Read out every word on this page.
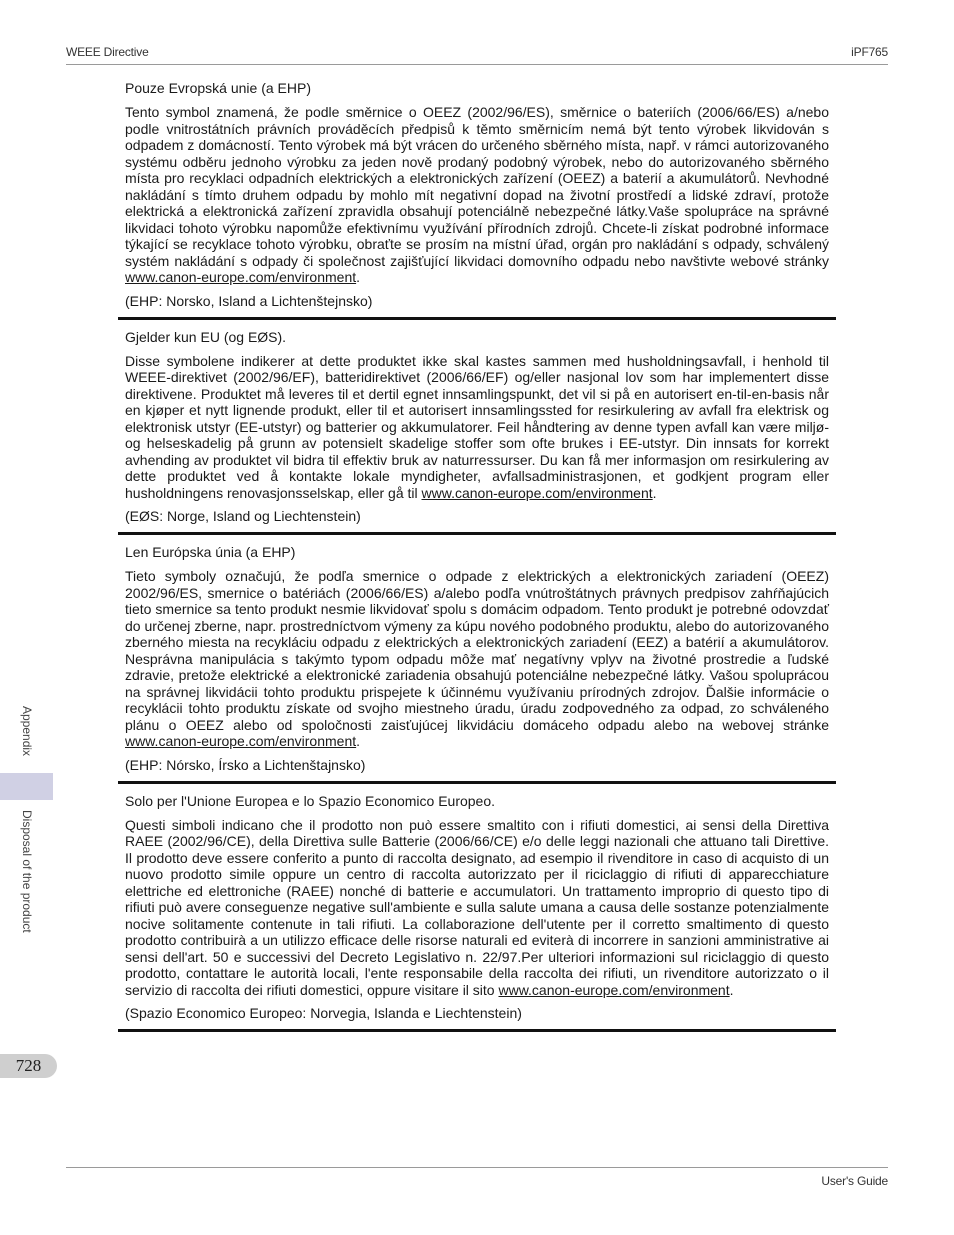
WEEE Directive	iPF765
Appendix
Disposal of the product
728

Pouze Evropská unie (a EHP)

Tento symbol znamená, že podle směrnice o OEEZ (2002/96/ES), směrnice o bateriích (2006/66/ES) a/nebo podle vnitrostátních právních prováděcích předpisů k těmto směrnicím nemá být tento výrobek likvidován s odpadem z domácností. Tento výrobek má být vrácen do určeného sběrného místa, např. v rámci autorizovaného systému odběru jednoho výrobku za jeden nově prodaný podobný výrobek, nebo do autorizovaného sběrného místa pro recyklaci odpadních elektrických a elektronických zařízení (OEEZ) a baterií a akumulátorů. Nevhodné nakládání s tímto druhem odpadu by mohlo mít negativní dopad na životní prostředí a lidské zdraví, protože elektrická a elektronická zařízení zpravidla obsahují potenciálně nebezpečné látky.Vaše spolupráce na správné likvidaci tohoto výrobku napomůže efektivnímu využívání přírodních zdrojů. Chcete-li získat podrobné informace týkající se recyklace tohoto výrobku, obraťte se prosím na místní úřad, orgán pro nakládání s odpady, schválený systém nakládání s odpady či společnost zajišťující likvidaci domovního odpadu nebo navštivte webové stránky www.canon-europe.com/environment.

(EHP: Norsko, Island a Lichtenštejnsko)

Gjelder kun EU (og EØS).

Disse symbolene indikerer at dette produktet ikke skal kastes sammen med husholdningsavfall, i henhold til WEEE-direktivet (2002/96/EF), batteridirektivet (2006/66/EF) og/eller nasjonal lov som har implementert disse direktivene. Produktet må leveres til et dertil egnet innsamlingspunkt, det vil si på en autorisert en-til-en-basis når en kjøper et nytt lignende produkt, eller til et autorisert innsamlingssted for resirkulering av avfall fra elektrisk og elektronisk utstyr (EE-utstyr) og batterier og akkumulatorer. Feil håndtering av denne typen avfall kan være miljø- og helseskadelig på grunn av potensielt skadelige stoffer som ofte brukes i EE-utstyr. Din innsats for korrekt avhending av produktet vil bidra til effektiv bruk av naturressurser. Du kan få mer informasjon om resirkulering av dette produktet ved å kontakte lokale myndigheter, avfallsadministrasjonen, et godkjent program eller husholdningens renovasjonsselskap, eller gå til www.canon-europe.com/environment.

(EØS: Norge, Island og Liechtenstein)

Len Európska únia (a EHP)

Tieto symboly označujú, že podľa smernice o odpade z elektrických a elektronických zariadení (OEEZ) 2002/96/ES, smernice o batériách (2006/66/ES) a/alebo podľa vnútroštátnych právnych predpisov zahŕňajúcich tieto smernice sa tento produkt nesmie likvidovať spolu s domácim odpadom. Tento produkt je potrebné odovzdať do určenej zberne, napr. prostredníctvom výmeny za kúpu nového podobného produktu, alebo do autorizovaného zberného miesta na recykláciu odpadu z elektrických a elektronických zariadení (EEZ) a batérií a akumulátorov. Nesprávna manipulácia s takýmto typom odpadu môže mať negatívny vplyv na životné prostredie a ľudské zdravie, pretože elektrické a elektronické zariadenia obsahujú potenciálne nebezpečné látky. Vašou spoluprácou na správnej likvidácii tohto produktu prispejete k účinnému využívaniu prírodných zdrojov. Ďalšie informácie o recyklácii tohto produktu získate od svojho miestneho úradu, úradu zodpovedného za odpad, zo schváleného plánu o OEEZ alebo od spoločnosti zaisťujúcej likvidáciu domáceho odpadu alebo na webovej stránke www.canon-europe.com/environment.

(EHP: Nórsko, Írsko a Lichtenštajnsko)

Solo per l'Unione Europea e lo Spazio Economico Europeo.

Questi simboli indicano che il prodotto non può essere smaltito con i rifiuti domestici, ai sensi della Direttiva RAEE (2002/96/CE), della Direttiva sulle Batterie (2006/66/CE) e/o delle leggi nazionali che attuano tali Direttive. Il prodotto deve essere conferito a punto di raccolta designato, ad esempio il rivenditore in caso di acquisto di un nuovo prodotto simile oppure un centro di raccolta autorizzato per il riciclaggio di rifiuti di apparecchiature elettriche ed elettroniche (RAEE) nonché di batterie e accumulatori. Un trattamento improprio di questo tipo di rifiuti può avere conseguenze negative sull'ambiente e sulla salute umana a causa delle sostanze potenzialmente nocive solitamente contenute in tali rifiuti. La collaborazione dell'utente per il corretto smaltimento di questo prodotto contribuirà a un utilizzo efficace delle risorse naturali ed eviterà di incorrere in sanzioni amministrative ai sensi dell'art. 50 e successivi del Decreto Legislativo n. 22/97.Per ulteriori informazioni sul riciclaggio di questo prodotto, contattare le autorità locali, l'ente responsabile della raccolta dei rifiuti, un rivenditore autorizzato o il servizio di raccolta dei rifiuti domestici, oppure visitare il sito www.canon-europe.com/environment.

(Spazio Economico Europeo: Norvegia, Islanda e Liechtenstein)

User's Guide
